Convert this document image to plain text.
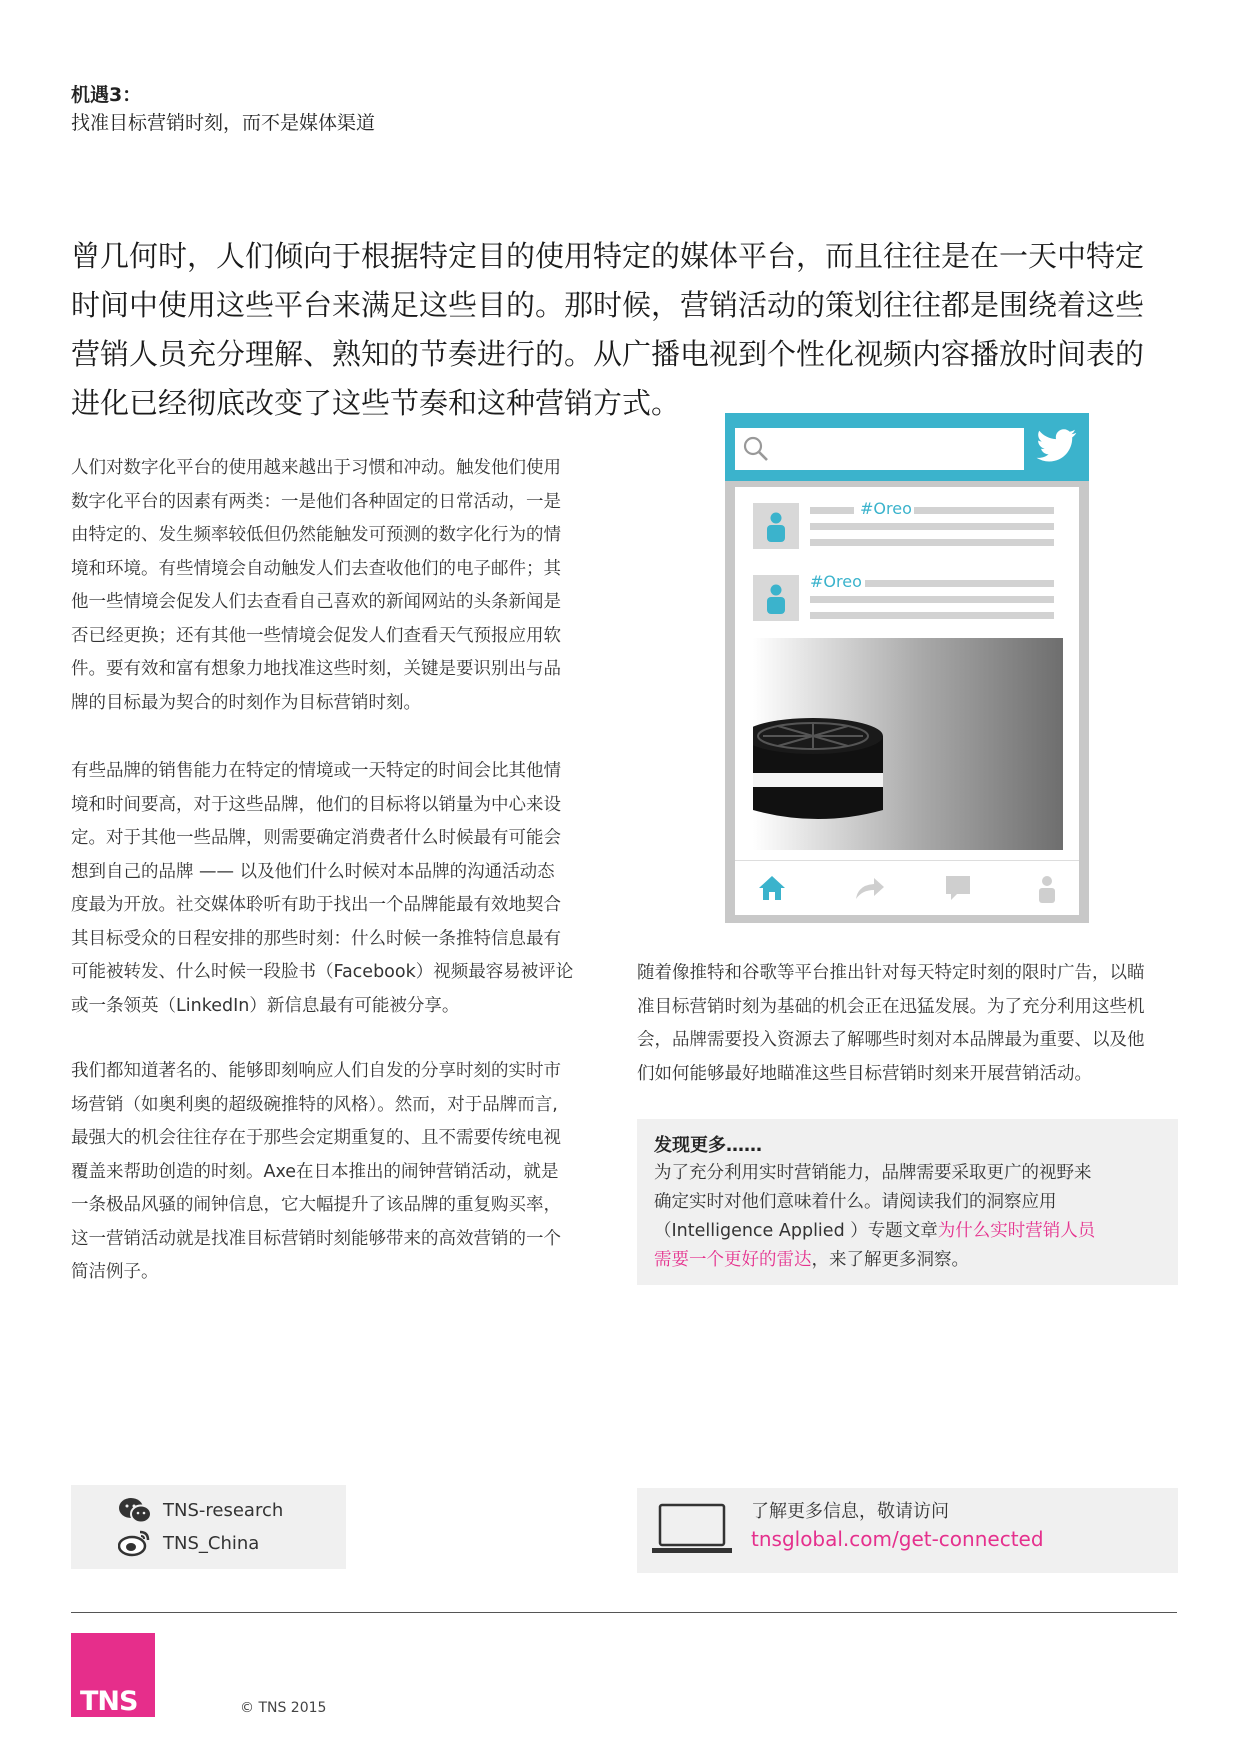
机遇3：
找准目标营销时刻，而不是媒体渠道

曾几何时，人们倾向于根据特定目的使用特定的媒体平台，而且往往是在一天中特定

时间中使用这些平台来满足这些目的。那时候，营销活动的策划往往都是围绕着这些

营销人员充分理解、熟知的节奏进行的。从广播电视到个性化视频内容播放时间表的

进化已经彻底改变了这些节奏和这种营销方式。

人们对数字化平台的使用越来越出于习惯和冲动。触发他们使用

数字化平台的因素有两类：一是他们各种固定的日常活动，一是

由特定的、发生频率较低但仍然能触发可预测的数字化行为的情

境和环境。有些情境会自动触发人们去查收他们的电子邮件；其

他一些情境会促发人们去查看自己喜欢的新闻网站的头条新闻是

否已经更换；还有其他一些情境会促发人们查看天气预报应用软

件。要有效和富有想象力地找准这些时刻，关键是要识别出与品

牌的目标最为契合的时刻作为目标营销时刻。

有些品牌的销售能力在特定的情境或一天特定的时间会比其他情

境和时间要高，对于这些品牌，他们的目标将以销量为中心来设

定。对于其他一些品牌，则需要确定消费者什么时候最有可能会

想到自己的品牌 —— 以及他们什么时候对本品牌的沟通活动态

度最为开放。社交媒体聆听有助于找出一个品牌能最有效地契合

其目标受众的日程安排的那些时刻：什么时候一条推特信息最有

可能被转发、什么时候一段脸书（Facebook）视频最容易被评论

或一条领英（LinkedIn）新信息最有可能被分享。

我们都知道著名的、能够即刻响应人们自发的分享时刻的实时市

场营销（如奥利奥的超级碗推特的风格）。然而，对于品牌而言,

最强大的机会往往存在于那些会定期重复的、且不需要传统电视

覆盖来帮助创造的时刻。Axe在日本推出的闹钟营销活动，就是

一条极品风骚的闹钟信息，它大幅提升了该品牌的重复购买率，

这一营销活动就是找准目标营销时刻能够带来的高效营销的一个

简洁例子。

#Oreo
#Oreo

随着像推特和谷歌等平台推出针对每天特定时刻的限时广告，以瞄

准目标营销时刻为基础的机会正在迅猛发展。为了充分利用这些机

会，品牌需要投入资源去了解哪些时刻对本品牌最为重要、以及他

们如何能够最好地瞄准这些目标营销时刻来开展营销活动。

发现更多……

为了充分利用实时营销能力，品牌需要采取更广的视野来

确定实时对他们意味着什么。请阅读我们的洞察应用

（Intelligence Applied ）专题文章为什么实时营销人员

需要一个更好的雷达，来了解更多洞察。

TNS-research
TNS_China
了解更多信息，敬请访问
tnsglobal.com/get-connected
TNS	© TNS 2015
